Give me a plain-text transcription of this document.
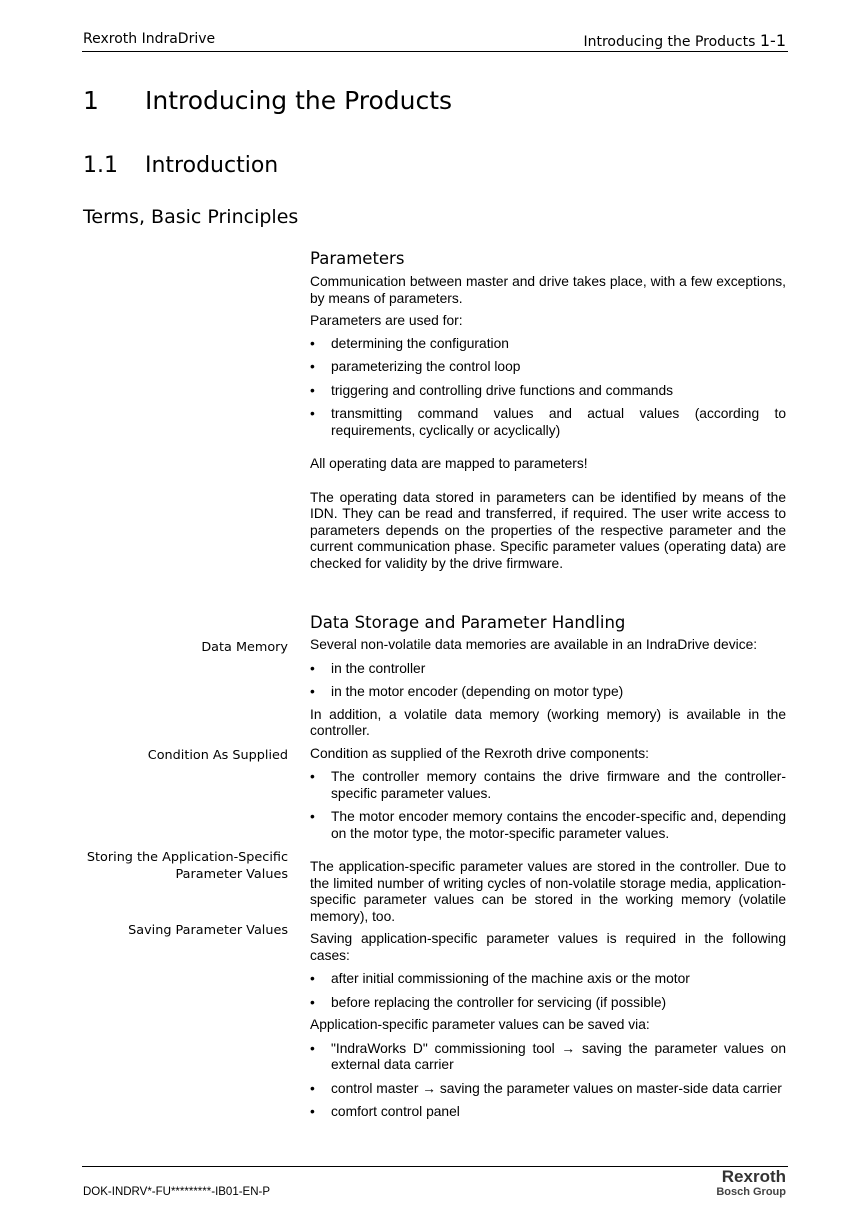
Rexroth IndraDrive	Introducing the Products 1-1
1 Introducing the Products
1.1 Introduction
Terms, Basic Principles
Parameters

Communication between master and drive takes place, with a few exceptions, by means of parameters.

Parameters are used for:

• determining the configuration
• parameterizing the control loop
• triggering and controlling drive functions and commands
• transmitting command values and actual values (according to requirements, cyclically or acyclically)

All operating data are mapped to parameters!

The operating data stored in parameters can be identified by means of the IDN. They can be read and transferred, if required. The user write access to parameters depends on the properties of the respective parameter and the current communication phase. Specific parameter values (operating data) are checked for validity by the drive firmware.

Data Storage and Parameter Handling

Several non-volatile data memories are available in an IndraDrive device:

• in the controller
• in the motor encoder (depending on motor type)

In addition, a volatile data memory (working memory) is available in the controller.

Condition as supplied of the Rexroth drive components:

• The controller memory contains the drive firmware and the controller-specific parameter values.
• The motor encoder memory contains the encoder-specific and, depending on the motor type, the motor-specific parameter values.

The application-specific parameter values are stored in the controller. Due to the limited number of writing cycles of non-volatile storage media, application-specific parameter values can be stored in the working memory (volatile memory), too.

Saving application-specific parameter values is required in the following cases:

• after initial commissioning of the machine axis or the motor
• before replacing the controller for servicing (if possible)

Application-specific parameter values can be saved via:

• "IndraWorks D" commissioning tool → saving the parameter values on external data carrier
• control master → saving the parameter values on master-side data carrier
• comfort control panel
Data Memory
Condition As Supplied
Storing the Application-Specific
Parameter Values
Saving Parameter Values
DOK-INDRV*-FU*********-IB01-EN-P
Rexroth
Bosch Group
